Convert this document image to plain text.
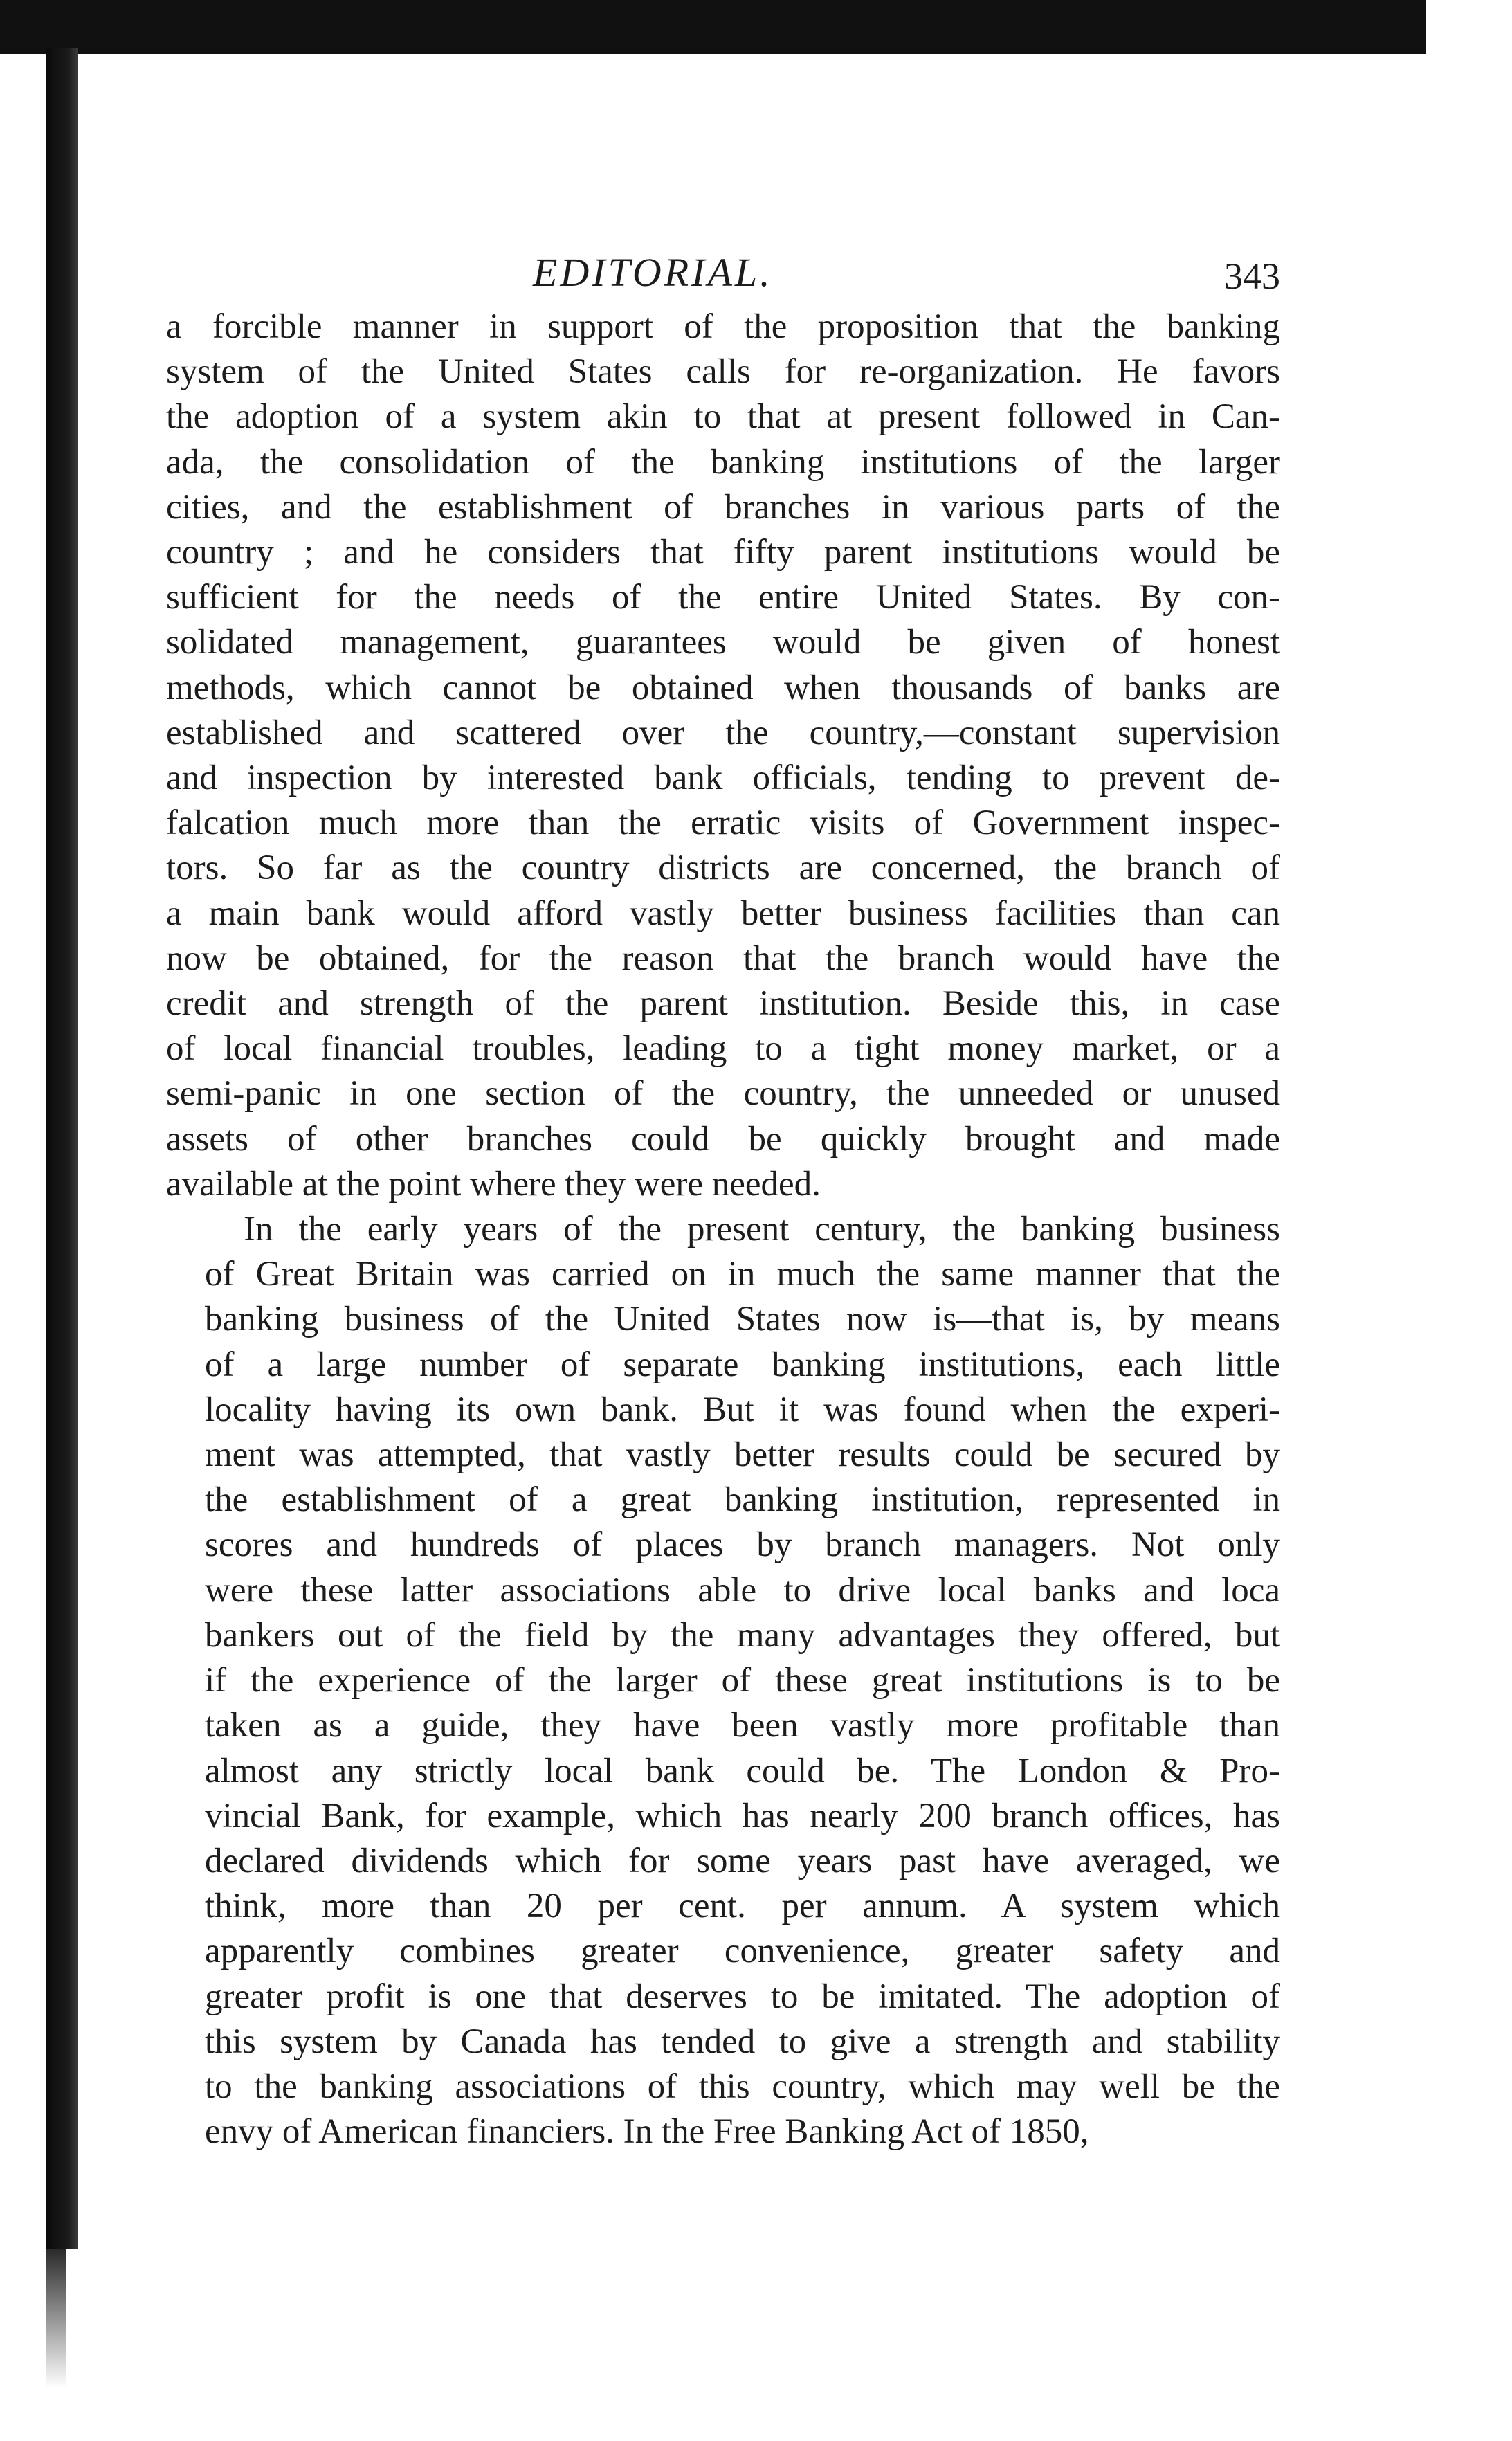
EDITORIAL.	343

a forcible manner in support of the proposition that the banking
system of the United States calls for re-organization. He favors
the adoption of a system akin to that at present followed in Can-
ada, the consolidation of the banking institutions of the larger
cities, and the establishment of branches in various parts of the
country ; and he considers that fifty parent institutions would be
sufficient for the needs of the entire United States. By con-
solidated management, guarantees would be given of honest
methods, which cannot be obtained when thousands of banks are
established and scattered over the country,—constant supervision
and inspection by interested bank officials, tending to prevent de-
falcation much more than the erratic visits of Government inspec-
tors. So far as the country districts are concerned, the branch of
a main bank would afford vastly better business facilities than can
now be obtained, for the reason that the branch would have the
credit and strength of the parent institution. Beside this, in case
of local financial troubles, leading to a tight money market, or a
semi-panic in one section of the country, the unneeded or unused
assets of other branches could be quickly brought and made
available at the point where they were needed.

In the early years of the present century, the banking business
of Great Britain was carried on in much the same manner that the
banking business of the United States now is—that is, by means
of a large number of separate banking institutions, each little
locality having its own bank. But it was found when the experi-
ment was attempted, that vastly better results could be secured by
the establishment of a great banking institution, represented in
scores and hundreds of places by branch managers. Not only
were these latter associations able to drive local banks and loca
bankers out of the field by the many advantages they offered, but
if the experience of the larger of these great institutions is to be
taken as a guide, they have been vastly more profitable than
almost any strictly local bank could be. The London & Pro-
vincial Bank, for example, which has nearly 200 branch offices, has
declared dividends which for some years past have averaged, we
think, more than 20 per cent. per annum. A system which
apparently combines greater convenience, greater safety and
greater profit is one that deserves to be imitated. The adoption of
this system by Canada has tended to give a strength and stability
to the banking associations of this country, which may well be the
envy of American financiers. In the Free Banking Act of 1850,
